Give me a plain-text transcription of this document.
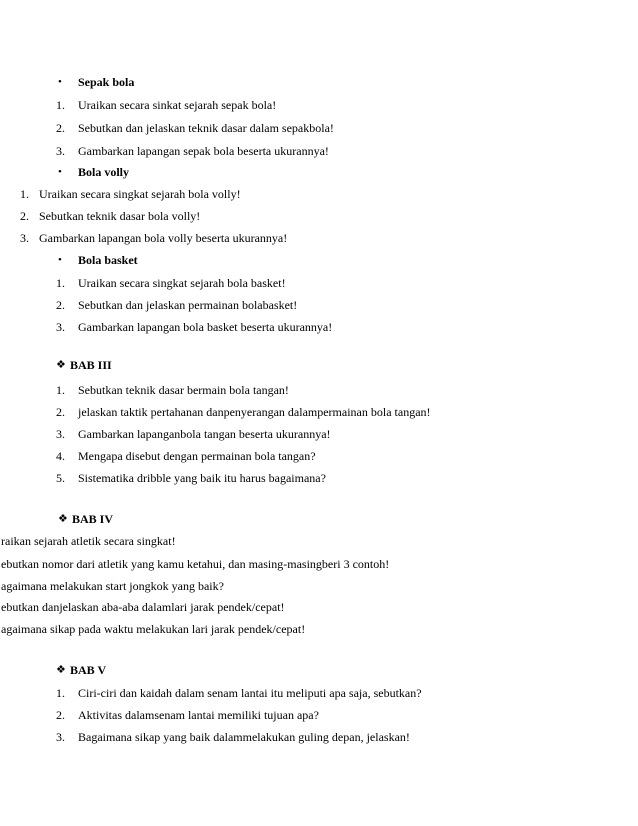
• Sepak bola
1. Uraikan secara sinkat sejarah sepak bola!
2. Sebutkan dan jelaskan teknik dasar dalam sepakbola!
3. Gambarkan lapangan sepak bola beserta ukurannya!
• Bola volly
1. Uraikan secara singkat sejarah bola volly!
2. Sebutkan teknik dasar bola volly!
3. Gambarkan lapangan bola volly beserta ukurannya!
• Bola basket
1. Uraikan secara singkat sejarah bola basket!
2. Sebutkan dan jelaskan permainan bolabasket!
3. Gambarkan lapangan bola basket beserta ukurannya!
❖ BAB III
1. Sebutkan teknik dasar bermain bola tangan!
2. jelaskan taktik pertahanan danpenyerangan dalampermainan bola tangan!
3. Gambarkan lapanganbola tangan beserta ukurannya!
4. Mengapa disebut dengan permainan bola tangan?
5. Sistematika dribble yang baik itu harus bagaimana?
❖ BAB IV
raikan sejarah atletik secara singkat!
ebutkan nomor dari atletik yang kamu ketahui, dan masing-masingberi 3 contoh!
agaimana melakukan start jongkok yang baik?
ebutkan danjelaskan aba-aba dalamlari jarak pendek/cepat!
agaimana sikap pada waktu melakukan lari jarak pendek/cepat!
❖ BAB V
1. Ciri-ciri dan kaidah dalam senam lantai itu meliputi apa saja, sebutkan?
2. Aktivitas dalamsenam lantai memiliki tujuan apa?
3. Bagaimana sikap yang baik dalammelakukan guling depan, jelaskan!
